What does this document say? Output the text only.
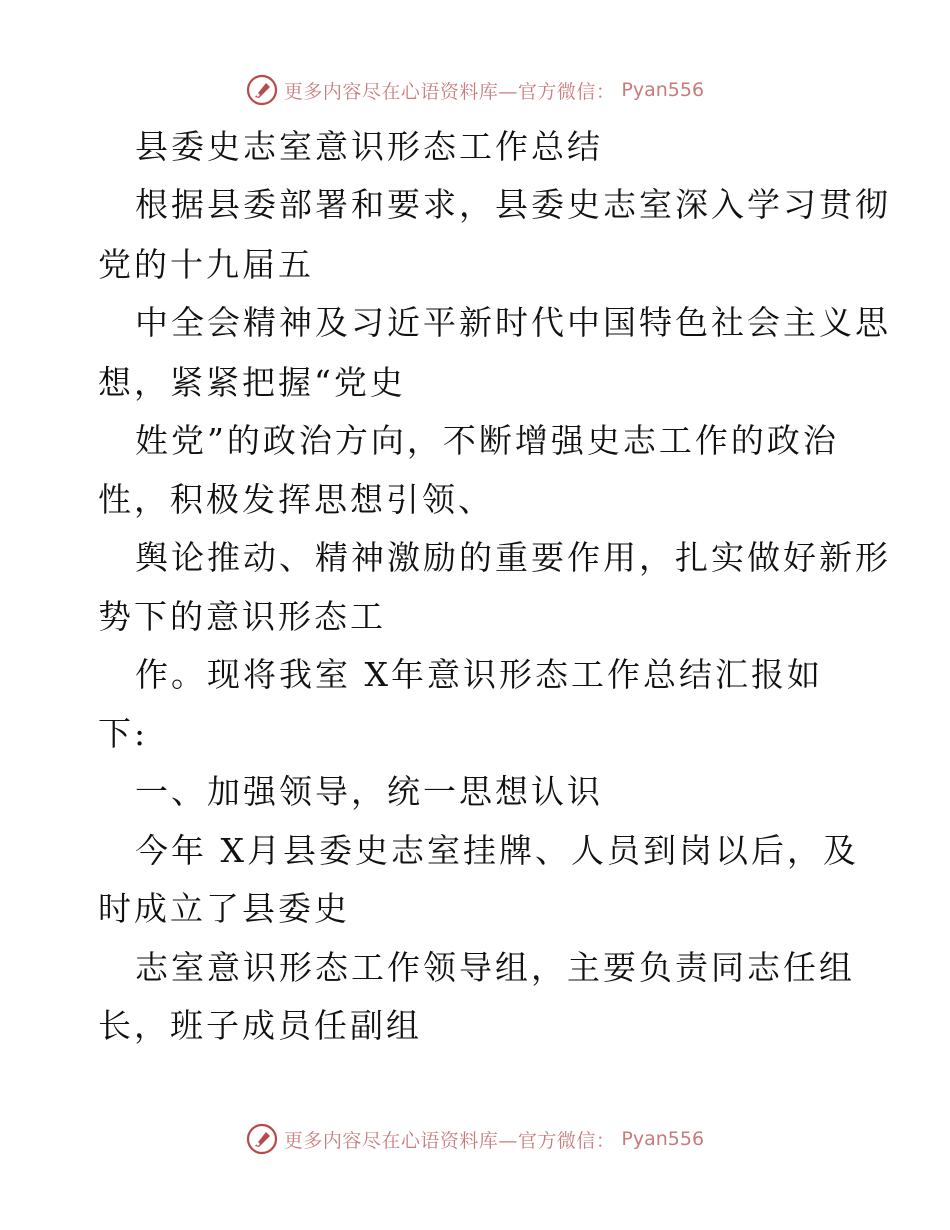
更多内容尽在心语资料库—官方微信： Pyan556
县委史志室意识形态工作总结
根据县委部署和要求，县委史志室深入学习贯彻
党的十九届五
中全会精神及习近平新时代中国特色社会主义思
想，紧紧把握“党史
姓党”的政治方向，不断增强史志工作的政治
性，积极发挥思想引领、
舆论推动、精神激励的重要作用，扎实做好新形
势下的意识形态工
作。现将我室 X年意识形态工作总结汇报如
下:
一、加强领导，统一思想认识
今年 X月县委史志室挂牌、人员到岗以后，及
时成立了县委史
志室意识形态工作领导组，主要负责同志任组
长，班子成员任副组
更多内容尽在心语资料库—官方微信： Pyan556
